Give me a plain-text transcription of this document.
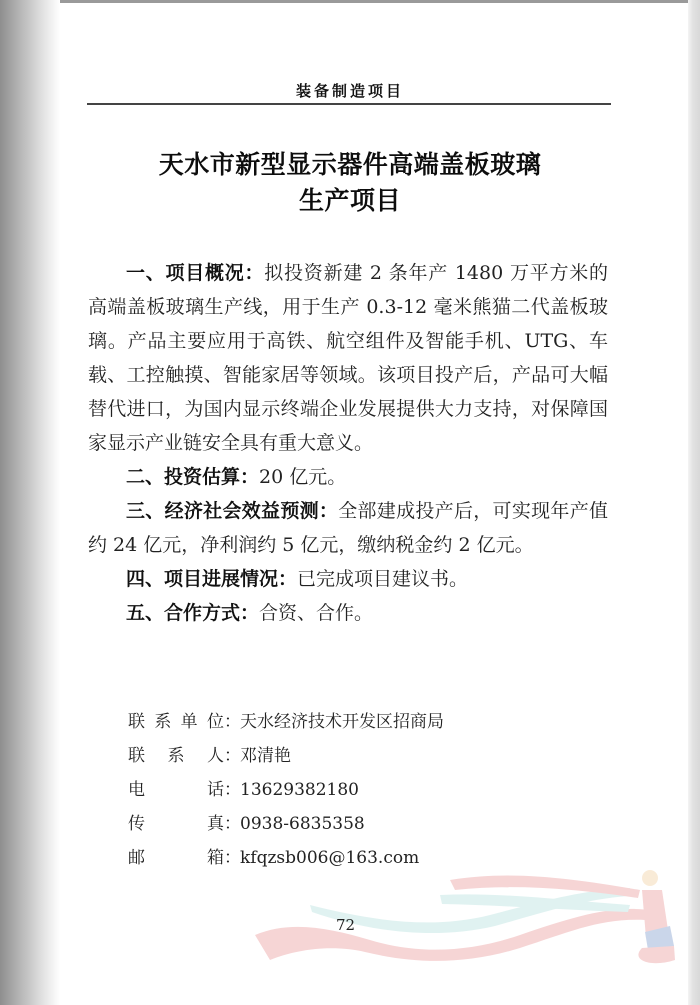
装备制造项目
天水市新型显示器件高端盖板玻璃
生产项目

一、项目概况：拟投资新建 2 条年产 1480 万平方米的高端盖板玻璃生产线，用于生产 0.3-12 毫米熊猫二代盖板玻璃。产品主要应用于高铁、航空组件及智能手机、UTG、车载、工控触摸、智能家居等领域。该项目投产后，产品可大幅替代进口，为国内显示终端企业发展提供大力支持，对保障国家显示产业链安全具有重大意义。

二、投资估算：20 亿元。

三、经济社会效益预测：全部建成投产后，可实现年产值约 24 亿元，净利润约 5 亿元，缴纳税金约 2 亿元。

四、项目进展情况：已完成项目建议书。

五、合作方式：合资、合作。

联 系 单 位 ： 天水经济技术开发区招商局
联 系 人 ： 邓清艳
电	话 ： 13629382180
传	真 ： 0938-6835358
邮	箱 ： kfqzsb006@163.com
72
